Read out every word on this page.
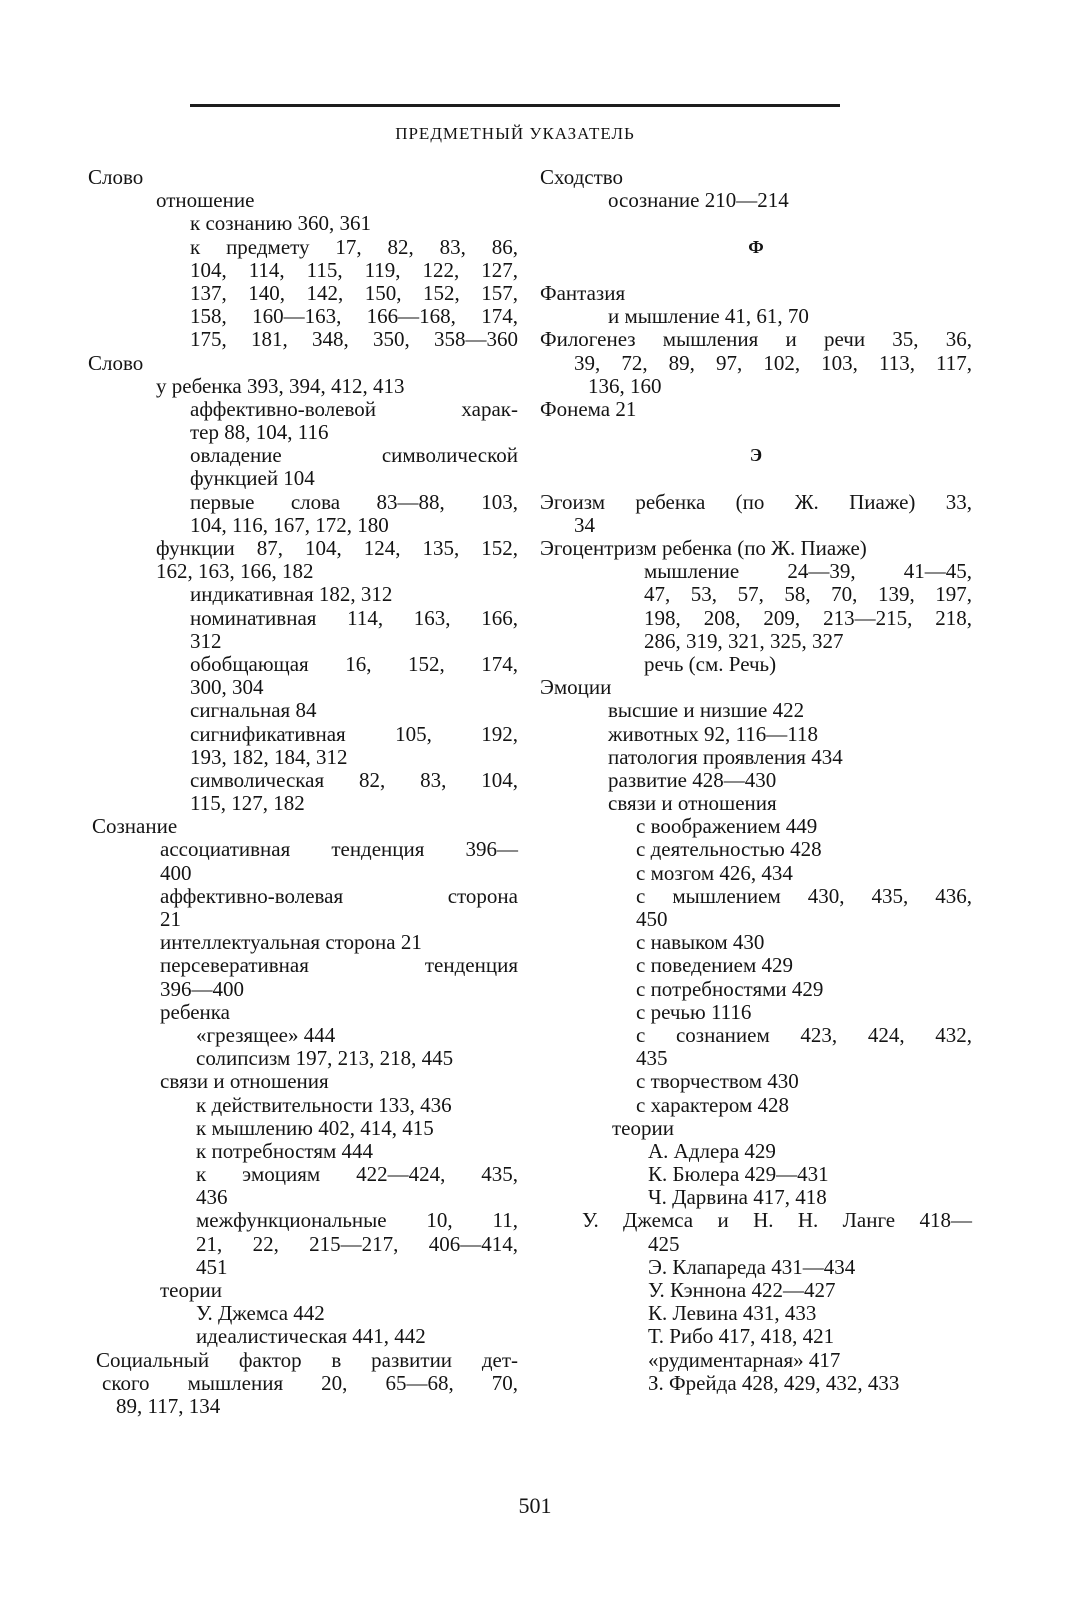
ПРЕДМЕТНЫЙ УКАЗАТЕЛЬ
Слово
отношение
к сознанию 360, 361
к предмету 17, 82, 83, 86,
104, 114, 115, 119, 122, 127,
137, 140, 142, 150, 152, 157,
158, 160—163, 166—168, 174,
175, 181, 348, 350, 358—360
Слово
у ребенка 393, 394, 412, 413
аффективно-волевой харак-
тер 88, 104, 116
овладение символической
функцией 104
первые слова 83—88, 103,
104, 116, 167, 172, 180
функции 87, 104, 124, 135, 152,
162, 163, 166, 182
индикативная 182, 312
номинативная 114, 163, 166,
312
обобщающая 16, 152, 174,
300, 304
сигнальная 84
сигнификативная 105, 192,
193, 182, 184, 312
символическая 82, 83, 104,
115, 127, 182
Сознание
ассоциативная тенденция 396—
400
аффективно-волевая сторона
21
интеллектуальная сторона 21
персеверативная тенденция
396—400
ребенка
«грезящее» 444
солипсизм 197, 213, 218, 445
связи и отношения
к действительности 133, 436
к мышлению 402, 414, 415
к потребностям 444
к эмоциям 422—424, 435,
436
межфункциональные 10, 11,
21, 22, 215—217, 406—414,
451
теории
У. Джемса 442
идеалистическая 441, 442
Социальный фактор в развитии дет-
ского мышления 20, 65—68, 70,
89, 117, 134
Сходство
осознание 210—214
Ф
Фантазия
и мышление 41, 61, 70
Филогенез мышления и речи 35, 36,
39, 72, 89, 97, 102, 103, 113, 117,
136, 160
Фонема 21
Э
Эгоизм ребенка (по Ж. Пиаже) 33,
34
Эгоцентризм ребенка (по Ж. Пиаже)
мышление 24—39, 41—45,
47, 53, 57, 58, 70, 139, 197,
198, 208, 209, 213—215, 218,
286, 319, 321, 325, 327
речь (см. Речь)
Эмоции
высшие и низшие 422
животных 92, 116—118
патология проявления 434
развитие 428—430
связи и отношения
с воображением 449
с деятельностью 428
с мозгом 426, 434
с мышлением 430, 435, 436,
450
с навыком 430
с поведением 429
с потребностями 429
с речью 1116
с сознанием 423, 424, 432,
435
с творчеством 430
с характером 428
теории
А. Адлера 429
К. Бюлера 429—431
Ч. Дарвина 417, 418
У. Джемса и Н. Н. Ланге 418—
425
Э. Клапареда 431—434
У. Кэннона 422—427
К. Левина 431, 433
Т. Рибо 417, 418, 421
«рудиментарная» 417
З. Фрейда 428, 429, 432, 433
501
